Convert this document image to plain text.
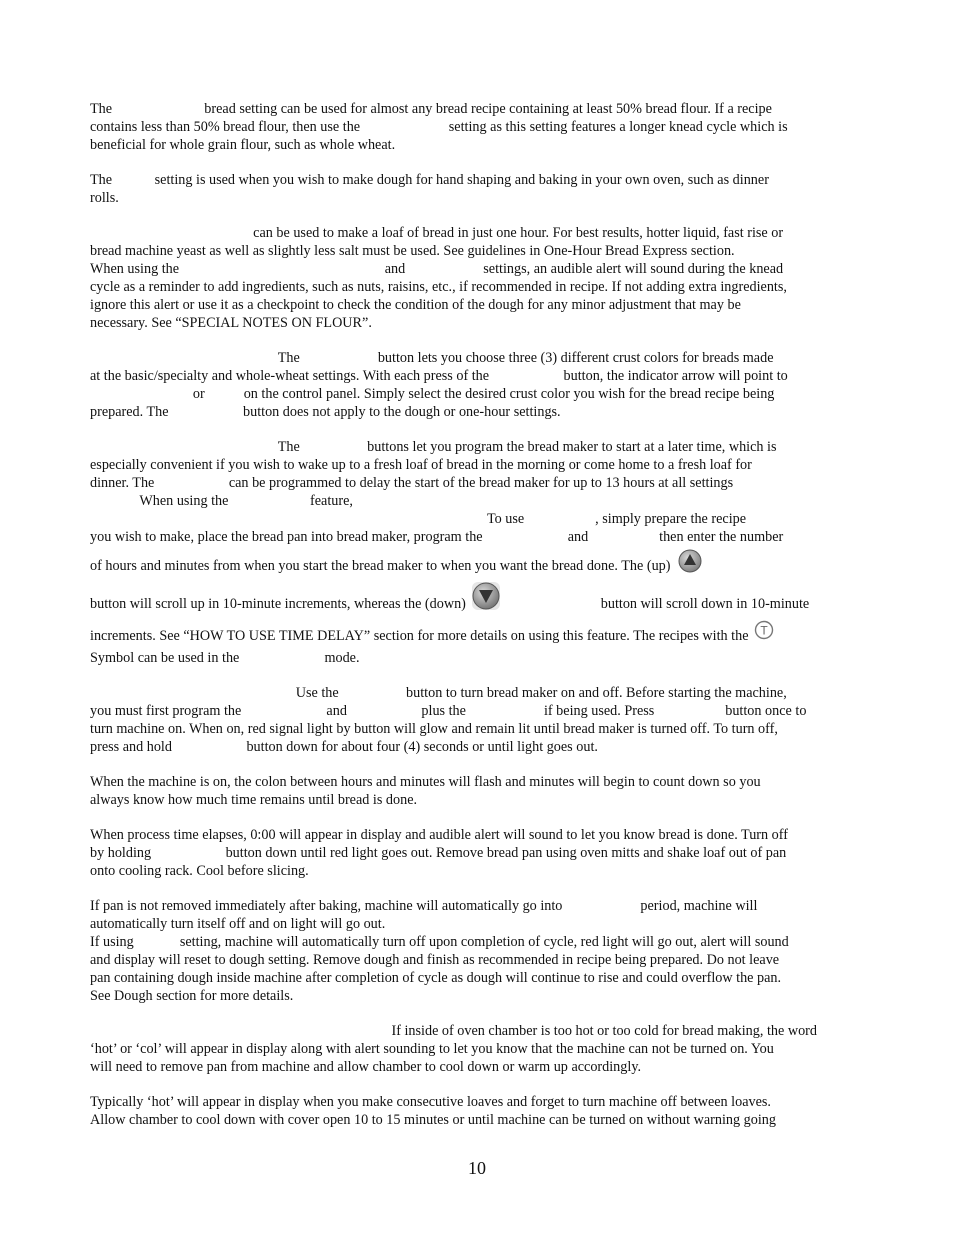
The                          bread setting can be used for almost any bread recipe containing at least 50% bread flour. If a recipe
contains less than 50% bread flour, then use the                         setting as this setting features a longer knead cycle which is
beneficial for whole grain flour, such as whole wheat.

The            setting is used when you wish to make dough for hand shaping and baking in your own oven, such as dinner
rolls.

can be used to make a loaf of bread in just one hour. For best results, hotter liquid, fast rise or
bread machine yeast as well as slightly less salt must be used. See guidelines in One-Hour Bread Express section.
When using the                                                          and                      settings, an audible alert will sound during the knead
cycle as a reminder to add ingredients, such as nuts, raisins, etc., if recommended in recipe. If not adding extra ingredients,
ignore this alert or use it as a checkpoint to check the condition of the dough for any minor adjustment that may be
necessary. See “SPECIAL NOTES ON FLOUR”.

The                      button lets you choose three (3) different crust colors for breads made
at the basic/specialty and whole-wheat settings. With each press of the                     button, the indicator arrow will point to
or           on the control panel. Simply select the desired crust color you wish for the bread recipe being
prepared. The                     button does not apply to the dough or one-hour settings.

The                   buttons let you program the bread maker to start at a later time, which is
especially convenient if you wish to wake up to a fresh loaf of bread in the morning or come home to a fresh loaf for
dinner. The                     can be programmed to delay the start of the bread maker for up to 13 hours at all settings
When using the                       feature,
To use                    , simply prepare the recipe
you wish to make, place the bread pan into bread maker, program the                        and                    then enter the number
of hours and minutes from when you start the bread maker to when you want the bread done. The (up)
button will scroll up in 10-minute increments, whereas the (down)	button will scroll down in 10-minute
increments. See “HOW TO USE TIME DELAY” section for more details on using this feature. The recipes with the T
Symbol can be used in the                        mode.

Use the                   button to turn bread maker on and off. Before starting the machine,
you must first program the                        and                     plus the                      if being used. Press                    button once to
turn machine on. When on, red signal light by button will glow and remain lit until bread maker is turned off. To turn off,
press and hold                     button down for about four (4) seconds or until light goes out.

When the machine is on, the colon between hours and minutes will flash and minutes will begin to count down so you
always know how much time remains until bread is done.

When process time elapses, 0:00 will appear in display and audible alert will sound to let you know bread is done. Turn off
by holding                     button down until red light goes out. Remove bread pan using oven mitts and shake loaf out of pan
onto cooling rack. Cool before slicing.

If pan is not removed immediately after baking, machine will automatically go into                      period, machine will
automatically turn itself off and on light will go out.
If using             setting, machine will automatically turn off upon completion of cycle, red light will go out, alert will sound
and display will reset to dough setting. Remove dough and finish as recommended in recipe being prepared. Do not leave
pan containing dough inside machine after completion of cycle as dough will continue to rise and could overflow the pan.
See Dough section for more details.

If inside of oven chamber is too hot or too cold for bread making, the word
‘hot’ or ‘col’ will appear in display along with alert sounding to let you know that the machine can not be turned on. You
will need to remove pan from machine and allow chamber to cool down or warm up accordingly.

Typically ‘hot’ will appear in display when you make consecutive loaves and forget to turn machine off between loaves.
Allow chamber to cool down with cover open 10 to 15 minutes or until machine can be turned on without warning going

10
